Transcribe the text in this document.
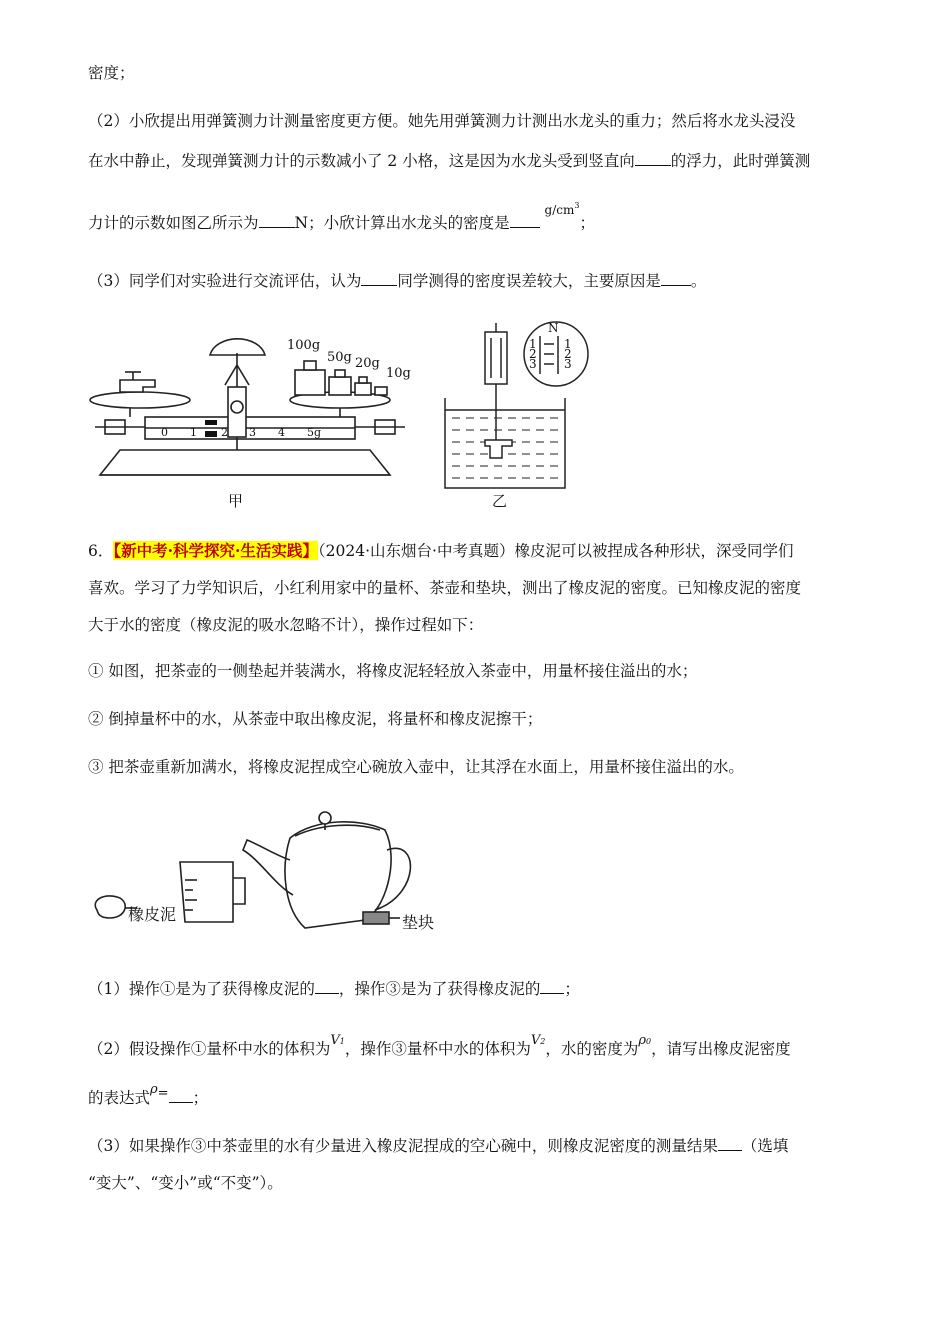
密度；
（2）小欣提出用弹簧测力计测量密度更方便。她先用弹簧测力计测出水龙头的重力；然后将水龙头浸没
在水中静止，发现弹簧测力计的示数减小了 2 小格，这是因为水龙头受到竖直向 的浮力，此时弹簧测
力计的示数如图乙所示为 N；小欣计算出水龙头的密度是 $^{g/cm^3}$；
（3）同学们对实验进行交流评估，认为 同学测得的密度误差较大，主要原因是 。
0 1 2 3 4 5g
100g
50g 20g
10g
甲
N
1
2
3
1
2
3
乙
6．【新中考·科学探究·生活实践】（2024·山东烟台·中考真题）橡皮泥可以被捏成各种形状，深受同学们
喜欢。学习了力学知识后，小红利用家中的量杯、茶壶和垫块，测出了橡皮泥的密度。已知橡皮泥的密度
大于水的密度（橡皮泥的吸水忽略不计），操作过程如下：
① 如图，把茶壶的一侧垫起并装满水，将橡皮泥轻轻放入茶壶中，用量杯接住溢出的水；
② 倒掉量杯中的水，从茶壶中取出橡皮泥，将量杯和橡皮泥擦干；
③ 把茶壶重新加满水，将橡皮泥捏成空心碗放入壶中，让其浮在水面上，用量杯接住溢出的水。
橡皮泥	垫块
（1）操作①是为了获得橡皮泥的 ，操作③是为了获得橡皮泥的 ；
（2）假设操作①量杯中水的体积为$^{V1}$，操作③量杯中水的体积为$^{V2}$，水的密度为$^{\rho 0}$，请写出橡皮泥密度
的表达式$^{\rho=}$ ；
（3）如果操作③中茶壶里的水有少量进入橡皮泥捏成的空心碗中，则橡皮泥密度的测量结果 （选填
“变大”、“变小”或“不变”）。
